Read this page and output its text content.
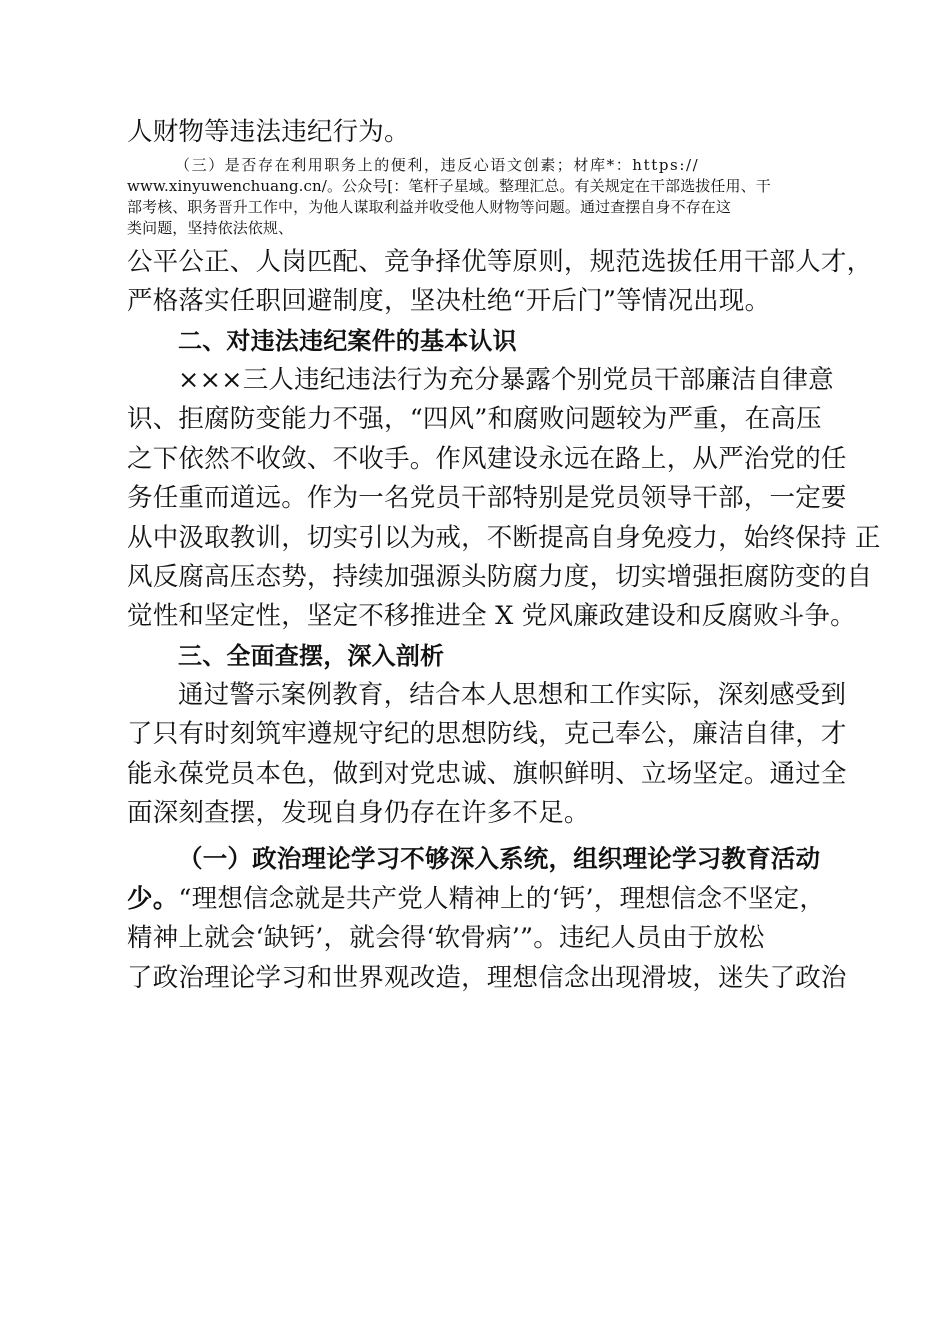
人财物等违法违纪行为。
（三）是否存在利用职务上的便利，违反心语文创素；材库*：https://
www.xinyuwenchuang.cn/。公众号[：笔杆子星域。整理汇总。有关规定在干部选拔任用、干
部考核、职务晋升工作中，为他人谋取利益并收受他人财物等问题。通过查摆自身不存在这
类问题，坚持依法依规、
公平公正、人岗匹配、竞争择优等原则，规范选拔任用干部人才，
严格落实任职回避制度，坚决杜绝“开后门”等情况出现。
二、对违法违纪案件的基本认识
×××三人违纪违法行为充分暴露个别党员干部廉洁自律意
识、拒腐防变能力不强，“四风”和腐败问题较为严重，在高压
之下依然不收敛、不收手。作风建设永远在路上，从严治党的任
务任重而道远。作为一名党员干部特别是党员领导干部，一定要
从中汲取教训，切实引以为戒，不断提高自身免疫力，始终保持 正
风反腐高压态势，持续加强源头防腐力度，切实增强拒腐防变的自
觉性和坚定性，坚定不移推进全 X 党风廉政建设和反腐败斗争。
三、全面查摆，深入剖析
通过警示案例教育，结合本人思想和工作实际，深刻感受到
了只有时刻筑牢遵规守纪的思想防线，克己奉公，廉洁自律，才
能永葆党员本色，做到对党忠诚、旗帜鲜明、立场坚定。通过全
面深刻查摆，发现自身仍存在许多不足。
（一）政治理论学习不够深入系统，组织理论学习教育活动
少。“理想信念就是共产党人精神上的‘钙’，理想信念不坚定，
精神上就会‘缺钙’，就会得‘软骨病’”。违纪人员由于放松
了政治理论学习和世界观改造，理想信念出现滑坡，迷失了政治
